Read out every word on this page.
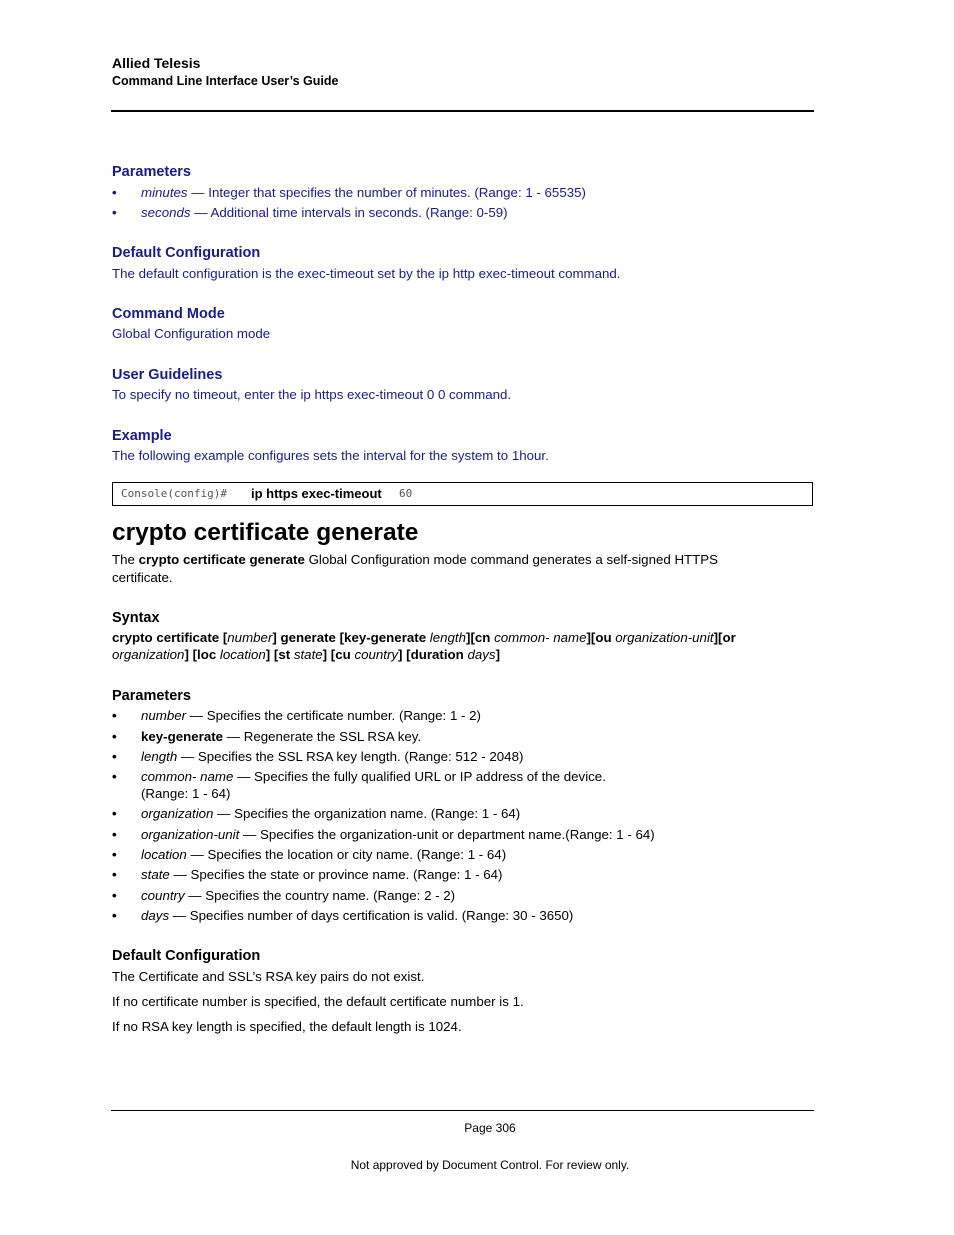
Allied Telesis
Command Line Interface User’s Guide
Parameters
• minutes — Integer that specifies the number of minutes. (Range: 1 - 65535)
• seconds — Additional time intervals in seconds. (Range: 0-59)
Default Configuration
The default configuration is the exec-timeout set by the ip http exec-timeout command.
Command Mode
Global Configuration mode
User Guidelines
To specify no timeout, enter the ip https exec-timeout 0 0 command.
Example
The following example configures sets the interval for the system to 1hour.
Console(config)# ip https exec-timeout 60
crypto certificate generate
The crypto certificate generate Global Configuration mode command generates a self-signed HTTPS
certificate.
Syntax
crypto certificate [number] generate [key-generate length][cn common- name][ou organization-unit][or
organization] [loc location] [st state] [cu country] [duration days]
Parameters
• number — Specifies the certificate number. (Range: 1 - 2)
• key-generate — Regenerate the SSL RSA key.
• length — Specifies the SSL RSA key length. (Range: 512 - 2048)
• common- name — Specifies the fully qualified URL or IP address of the device.
(Range: 1 - 64)
• organization — Specifies the organization name. (Range: 1 - 64)
• organization-unit — Specifies the organization-unit or department name.(Range: 1 - 64)
• location — Specifies the location or city name. (Range: 1 - 64)
• state — Specifies the state or province name. (Range: 1 - 64)
• country — Specifies the country name. (Range: 2 - 2)
• days — Specifies number of days certification is valid. (Range: 30 - 3650)
Default Configuration
The Certificate and SSL’s RSA key pairs do not exist.
If no certificate number is specified, the default certificate number is 1.
If no RSA key length is specified, the default length is 1024.
Page 306
Not approved by Document Control. For review only.
